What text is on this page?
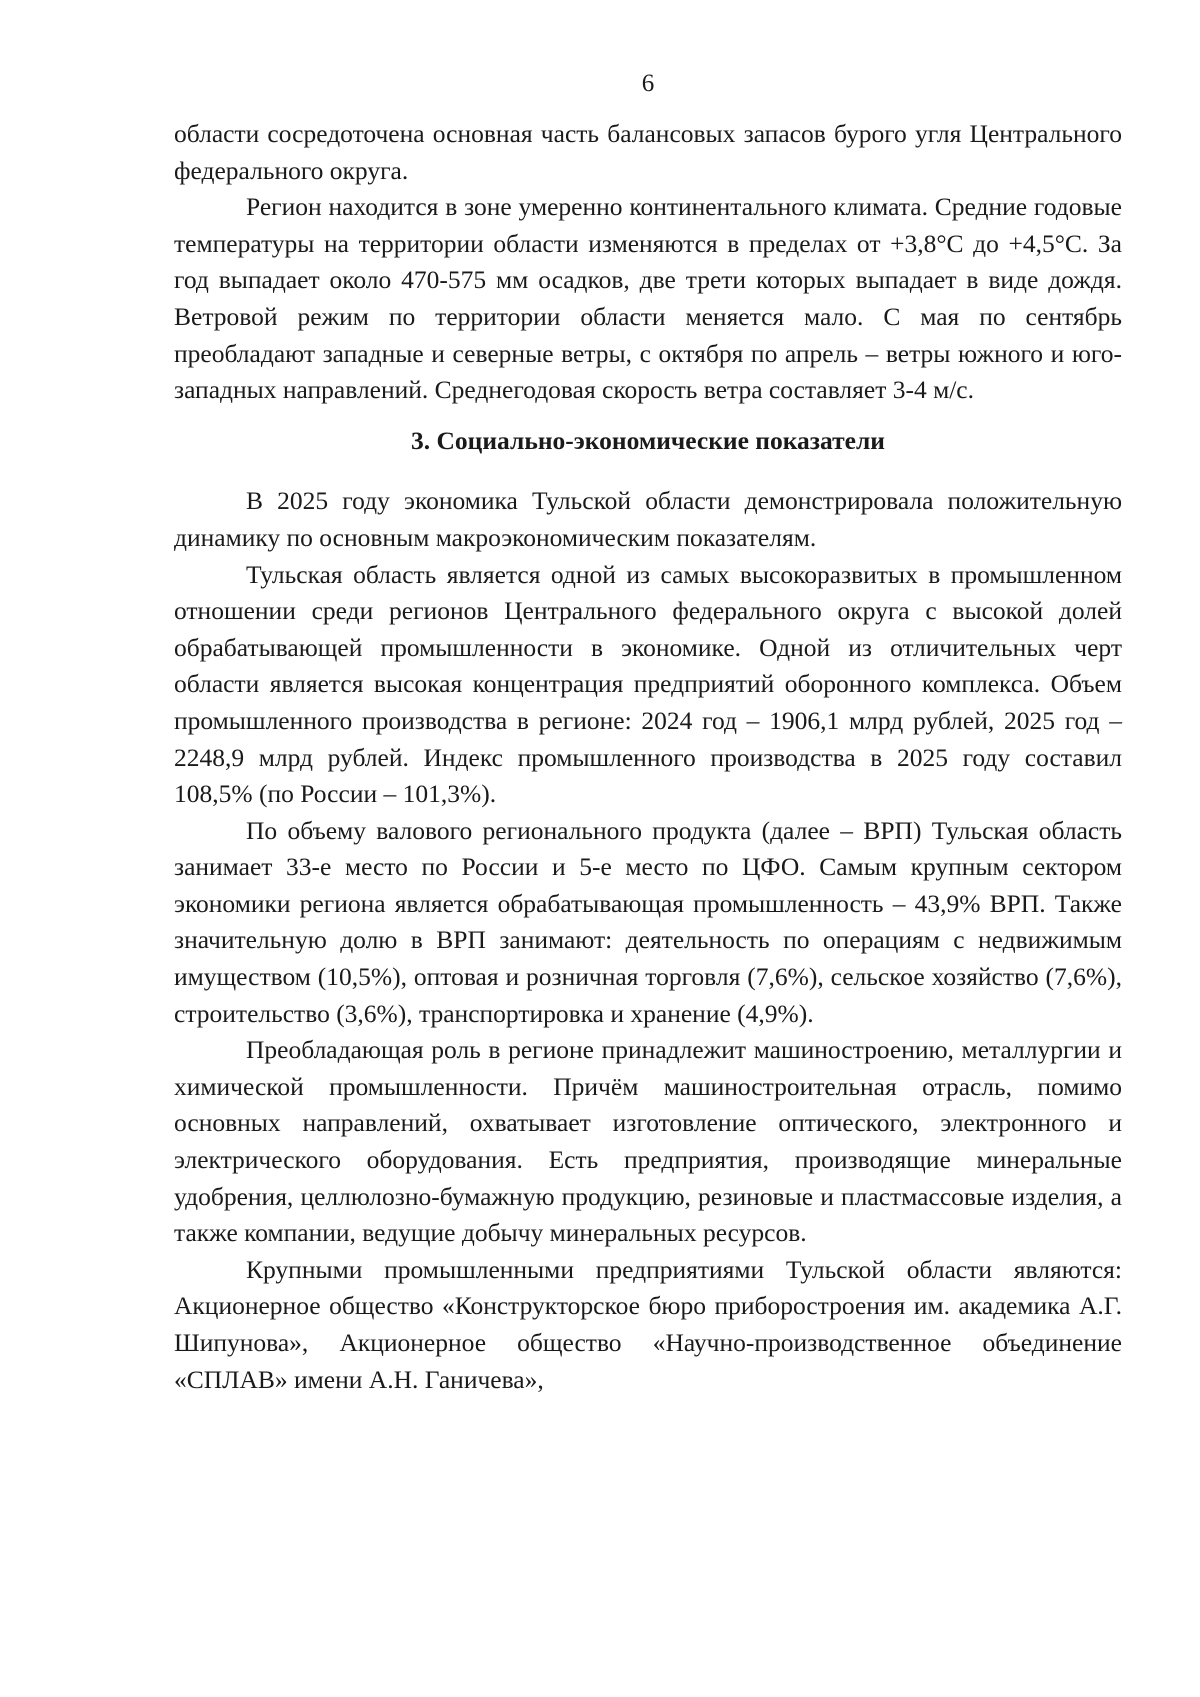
6

области сосредоточена основная часть балансовых запасов бурого угля Центрального федерального округа.

Регион находится в зоне умеренно континентального климата. Средние годовые температуры на территории области изменяются в пределах от +3,8°С до +4,5°С. За год выпадает около 470-575 мм осадков, две трети которых выпадает в виде дождя. Ветровой режим по территории области меняется мало. С мая по сентябрь преобладают западные и северные ветры, с октября по апрель – ветры южного и юго-западных направлений. Среднегодовая скорость ветра составляет 3-4 м/с.

3. Социально-экономические показатели

В 2025 году экономика Тульской области демонстрировала положительную динамику по основным макроэкономическим показателям.

Тульская область является одной из самых высокоразвитых в промышленном отношении среди регионов Центрального федерального округа с высокой долей обрабатывающей промышленности в экономике. Одной из отличительных черт области является высокая концентрация предприятий оборонного комплекса. Объем промышленного производства в регионе: 2024 год – 1906,1 млрд рублей, 2025 год – 2248,9 млрд рублей. Индекс промышленного производства в 2025 году составил 108,5% (по России – 101,3%).

По объему валового регионального продукта (далее – ВРП) Тульская область занимает 33-е место по России и 5-е место по ЦФО. Самым крупным сектором экономики региона является обрабатывающая промышленность – 43,9% ВРП. Также значительную долю в ВРП занимают: деятельность по операциям с недвижимым имуществом (10,5%), оптовая и розничная торговля (7,6%), сельское хозяйство (7,6%), строительство (3,6%), транспортировка и хранение (4,9%).

Преобладающая роль в регионе принадлежит машиностроению, металлургии и химической промышленности. Причём машиностроительная отрасль, помимо основных направлений, охватывает изготовление оптического, электронного и электрического оборудования. Есть предприятия, производящие минеральные удобрения, целлюлозно-бумажную продукцию, резиновые и пластмассовые изделия, а также компании, ведущие добычу минеральных ресурсов.

Крупными промышленными предприятиями Тульской области являются: Акционерное общество «Конструкторское бюро приборостроения им. академика А.Г. Шипунова», Акционерное общество «Научно-производственное объединение «СПЛАВ» имени А.Н. Ганичева»,
